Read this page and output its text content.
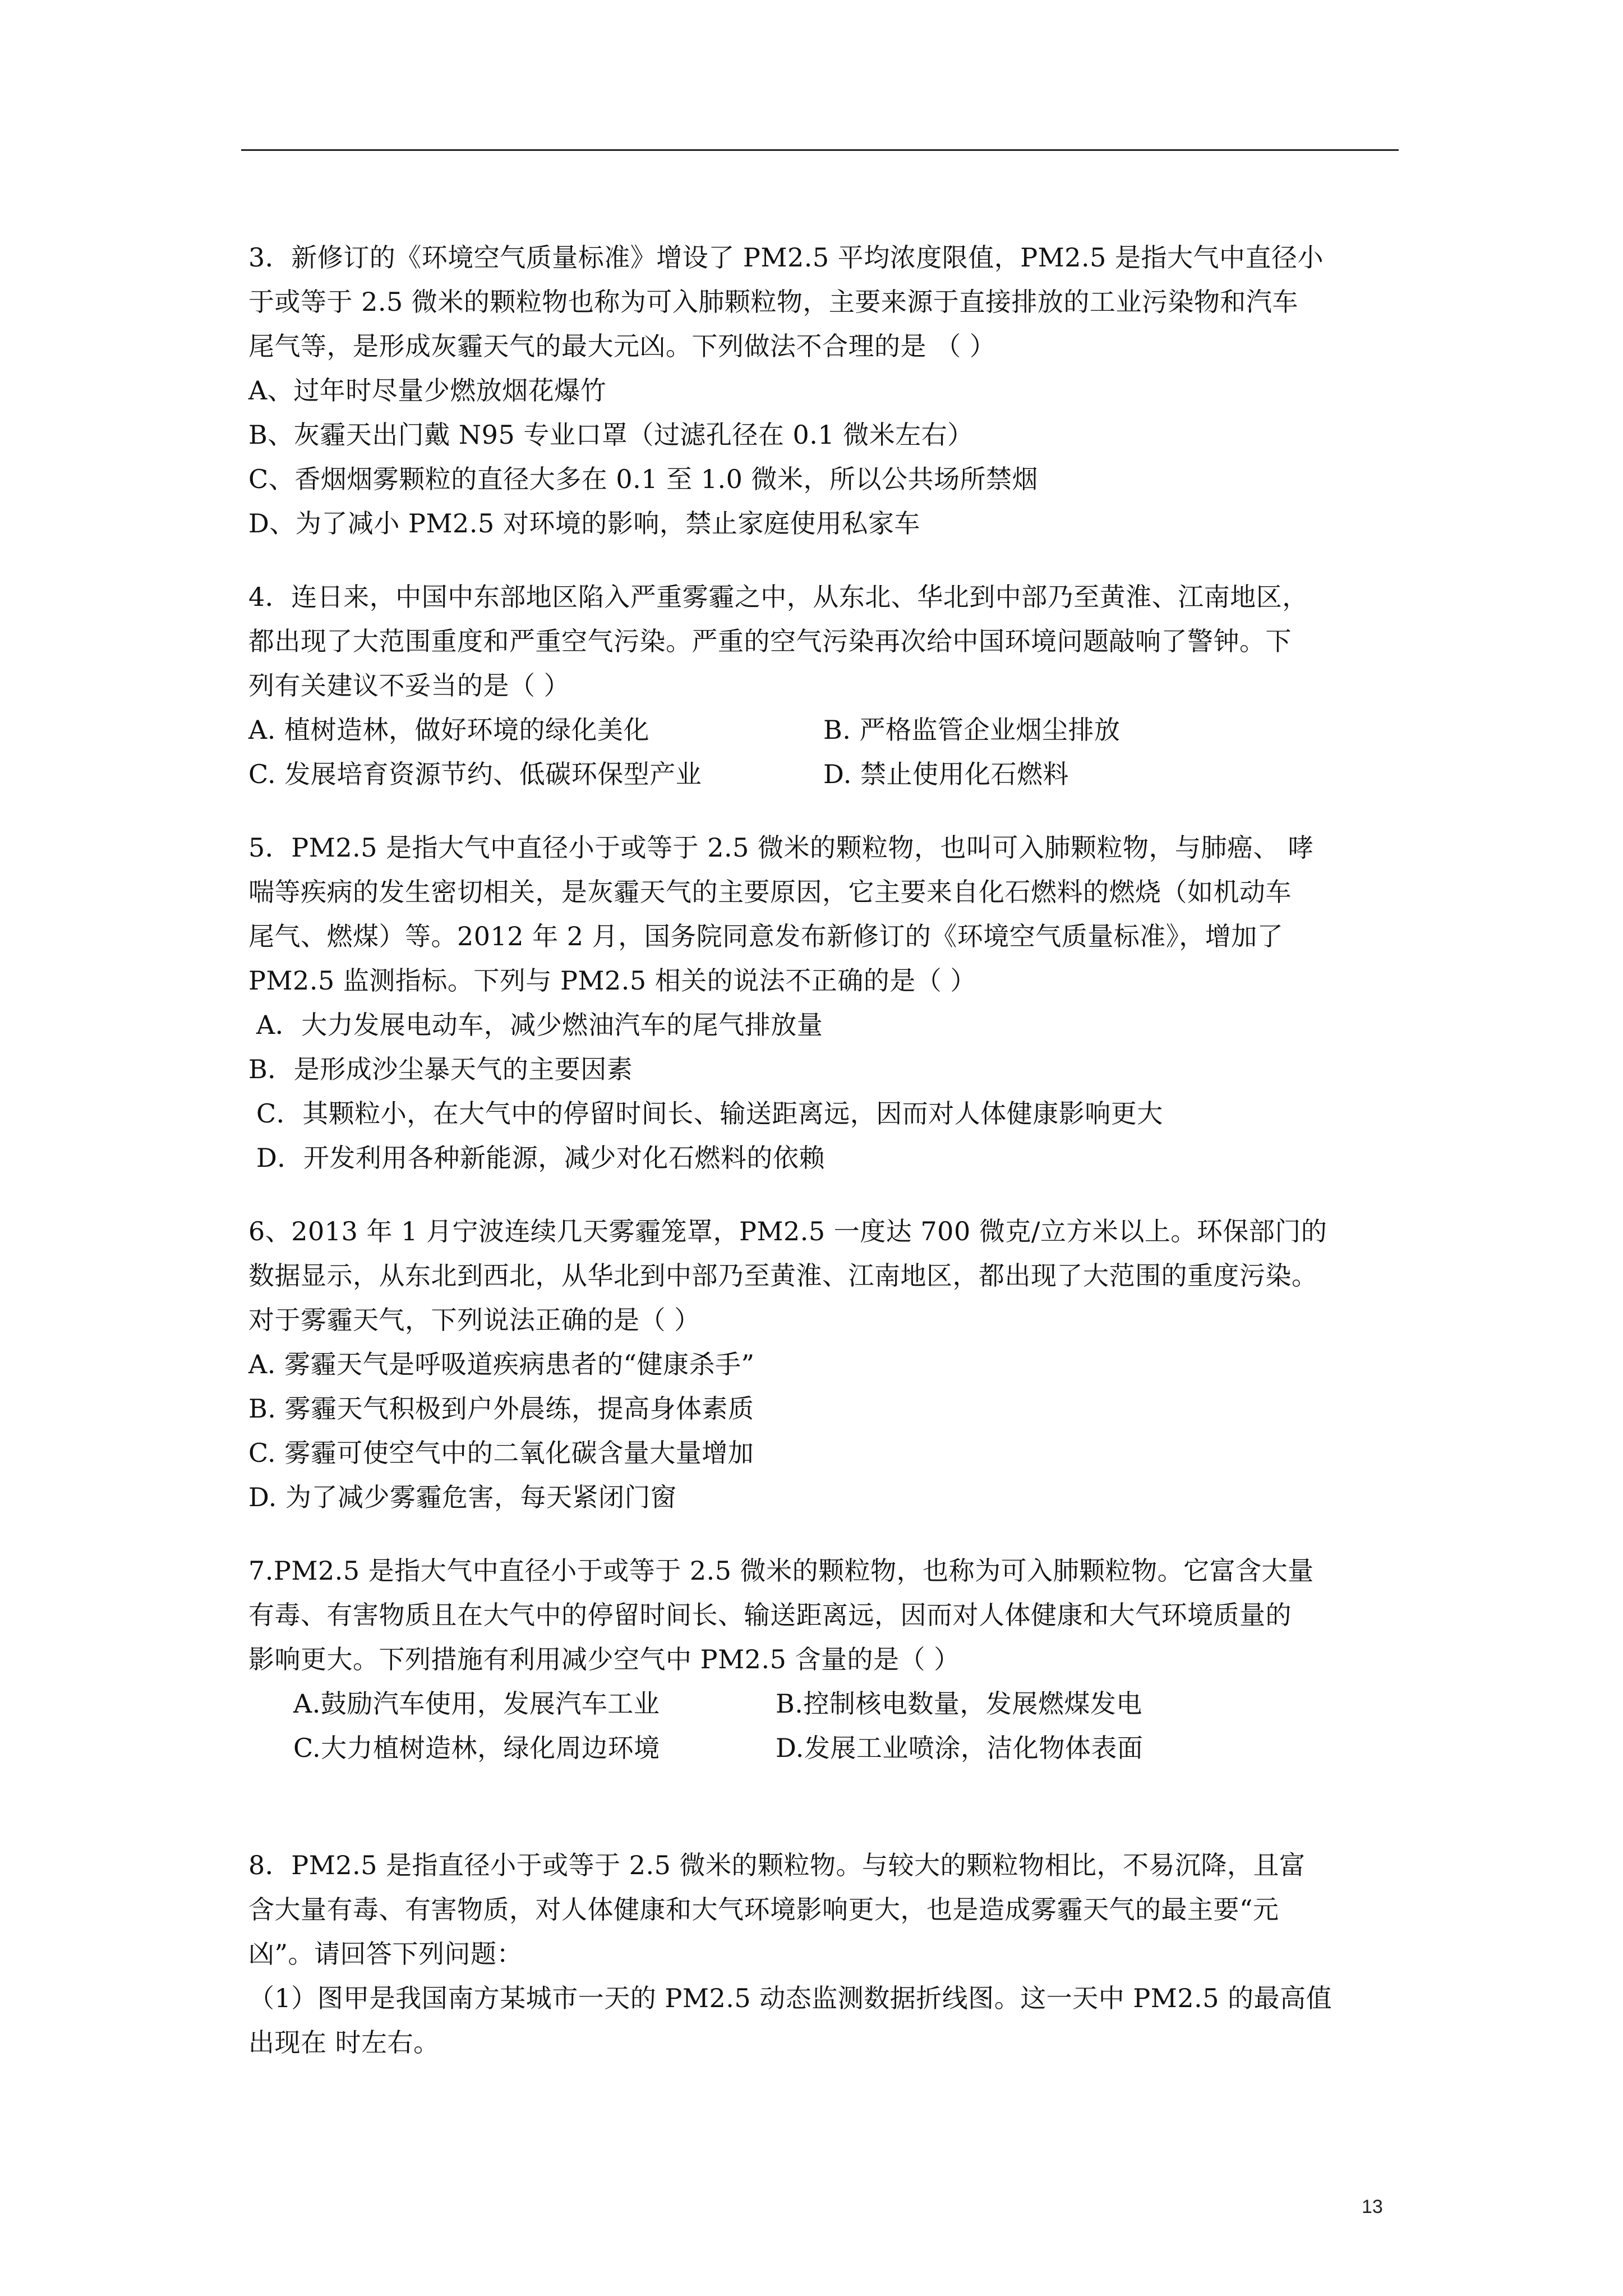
3．新修订的《环境空气质量标准》增设了 PM2.5 平均浓度限值，PM2.5 是指大气中直径小
于或等于 2.5 微米的颗粒物也称为可入肺颗粒物，主要来源于直接排放的工业污染物和汽车
尾气等，是形成灰霾天气的最大元凶。下列做法不合理的是 （ ）
A、过年时尽量少燃放烟花爆竹
B、灰霾天出门戴 N95 专业口罩（过滤孔径在 0.1 微米左右）
C、香烟烟雾颗粒的直径大多在 0.1 至 1.0 微米，所以公共场所禁烟
D、为了减小 PM2.5 对环境的影响，禁止家庭使用私家车
4．连日来，中国中东部地区陷入严重雾霾之中，从东北、华北到中部乃至黄淮、江南地区，
都出现了大范围重度和严重空气污染。严重的空气污染再次给中国环境问题敲响了警钟。下
列有关建议不妥当的是（ ）
A. 植树造林，做好环境的绿化美化	B. 严格监管企业烟尘排放
C. 发展培育资源节约、低碳环保型产业	D. 禁止使用化石燃料
5．PM2.5 是指大气中直径小于或等于 2.5 微米的颗粒物，也叫可入肺颗粒物，与肺癌、 哮
喘等疾病的发生密切相关，是灰霾天气的主要原因，它主要来自化石燃料的燃烧（如机动车
尾气、燃煤）等。2012 年 2 月，国务院同意发布新修订的《环境空气质量标准》，增加了
PM2.5 监测指标。下列与 PM2.5 相关的说法不正确的是（ ）
A．大力发展电动车，减少燃油汽车的尾气排放量
B．是形成沙尘暴天气的主要因素
C．其颗粒小，在大气中的停留时间长、输送距离远，因而对人体健康影响更大
D．开发利用各种新能源，减少对化石燃料的依赖
6、2013 年 1 月宁波连续几天雾霾笼罩，PM2.5 一度达 700 微克/立方米以上。环保部门的
数据显示，从东北到西北，从华北到中部乃至黄淮、江南地区，都出现了大范围的重度污染。
对于雾霾天气，下列说法正确的是（ ）
A. 雾霾天气是呼吸道疾病患者的“健康杀手”
B. 雾霾天气积极到户外晨练，提高身体素质
C. 雾霾可使空气中的二氧化碳含量大量增加
D. 为了减少雾霾危害，每天紧闭门窗
7.PM2.5 是指大气中直径小于或等于 2.5 微米的颗粒物，也称为可入肺颗粒物。它富含大量
有毒、有害物质且在大气中的停留时间长、输送距离远，因而对人体健康和大气环境质量的
影响更大。下列措施有利用减少空气中 PM2.5 含量的是（ ）
A.鼓励汽车使用，发展汽车工业	B.控制核电数量，发展燃煤发电
C.大力植树造林，绿化周边环境	D.发展工业喷涂，洁化物体表面
8．PM2.5 是指直径小于或等于 2.5 微米的颗粒物。与较大的颗粒物相比，不易沉降，且富
含大量有毒、有害物质，对人体健康和大气环境影响更大，也是造成雾霾天气的最主要“元
凶”。请回答下列问题：
（1）图甲是我国南方某城市一天的 PM2.5 动态监测数据折线图。这一天中 PM2.5 的最高值
出现在 时左右。
13
